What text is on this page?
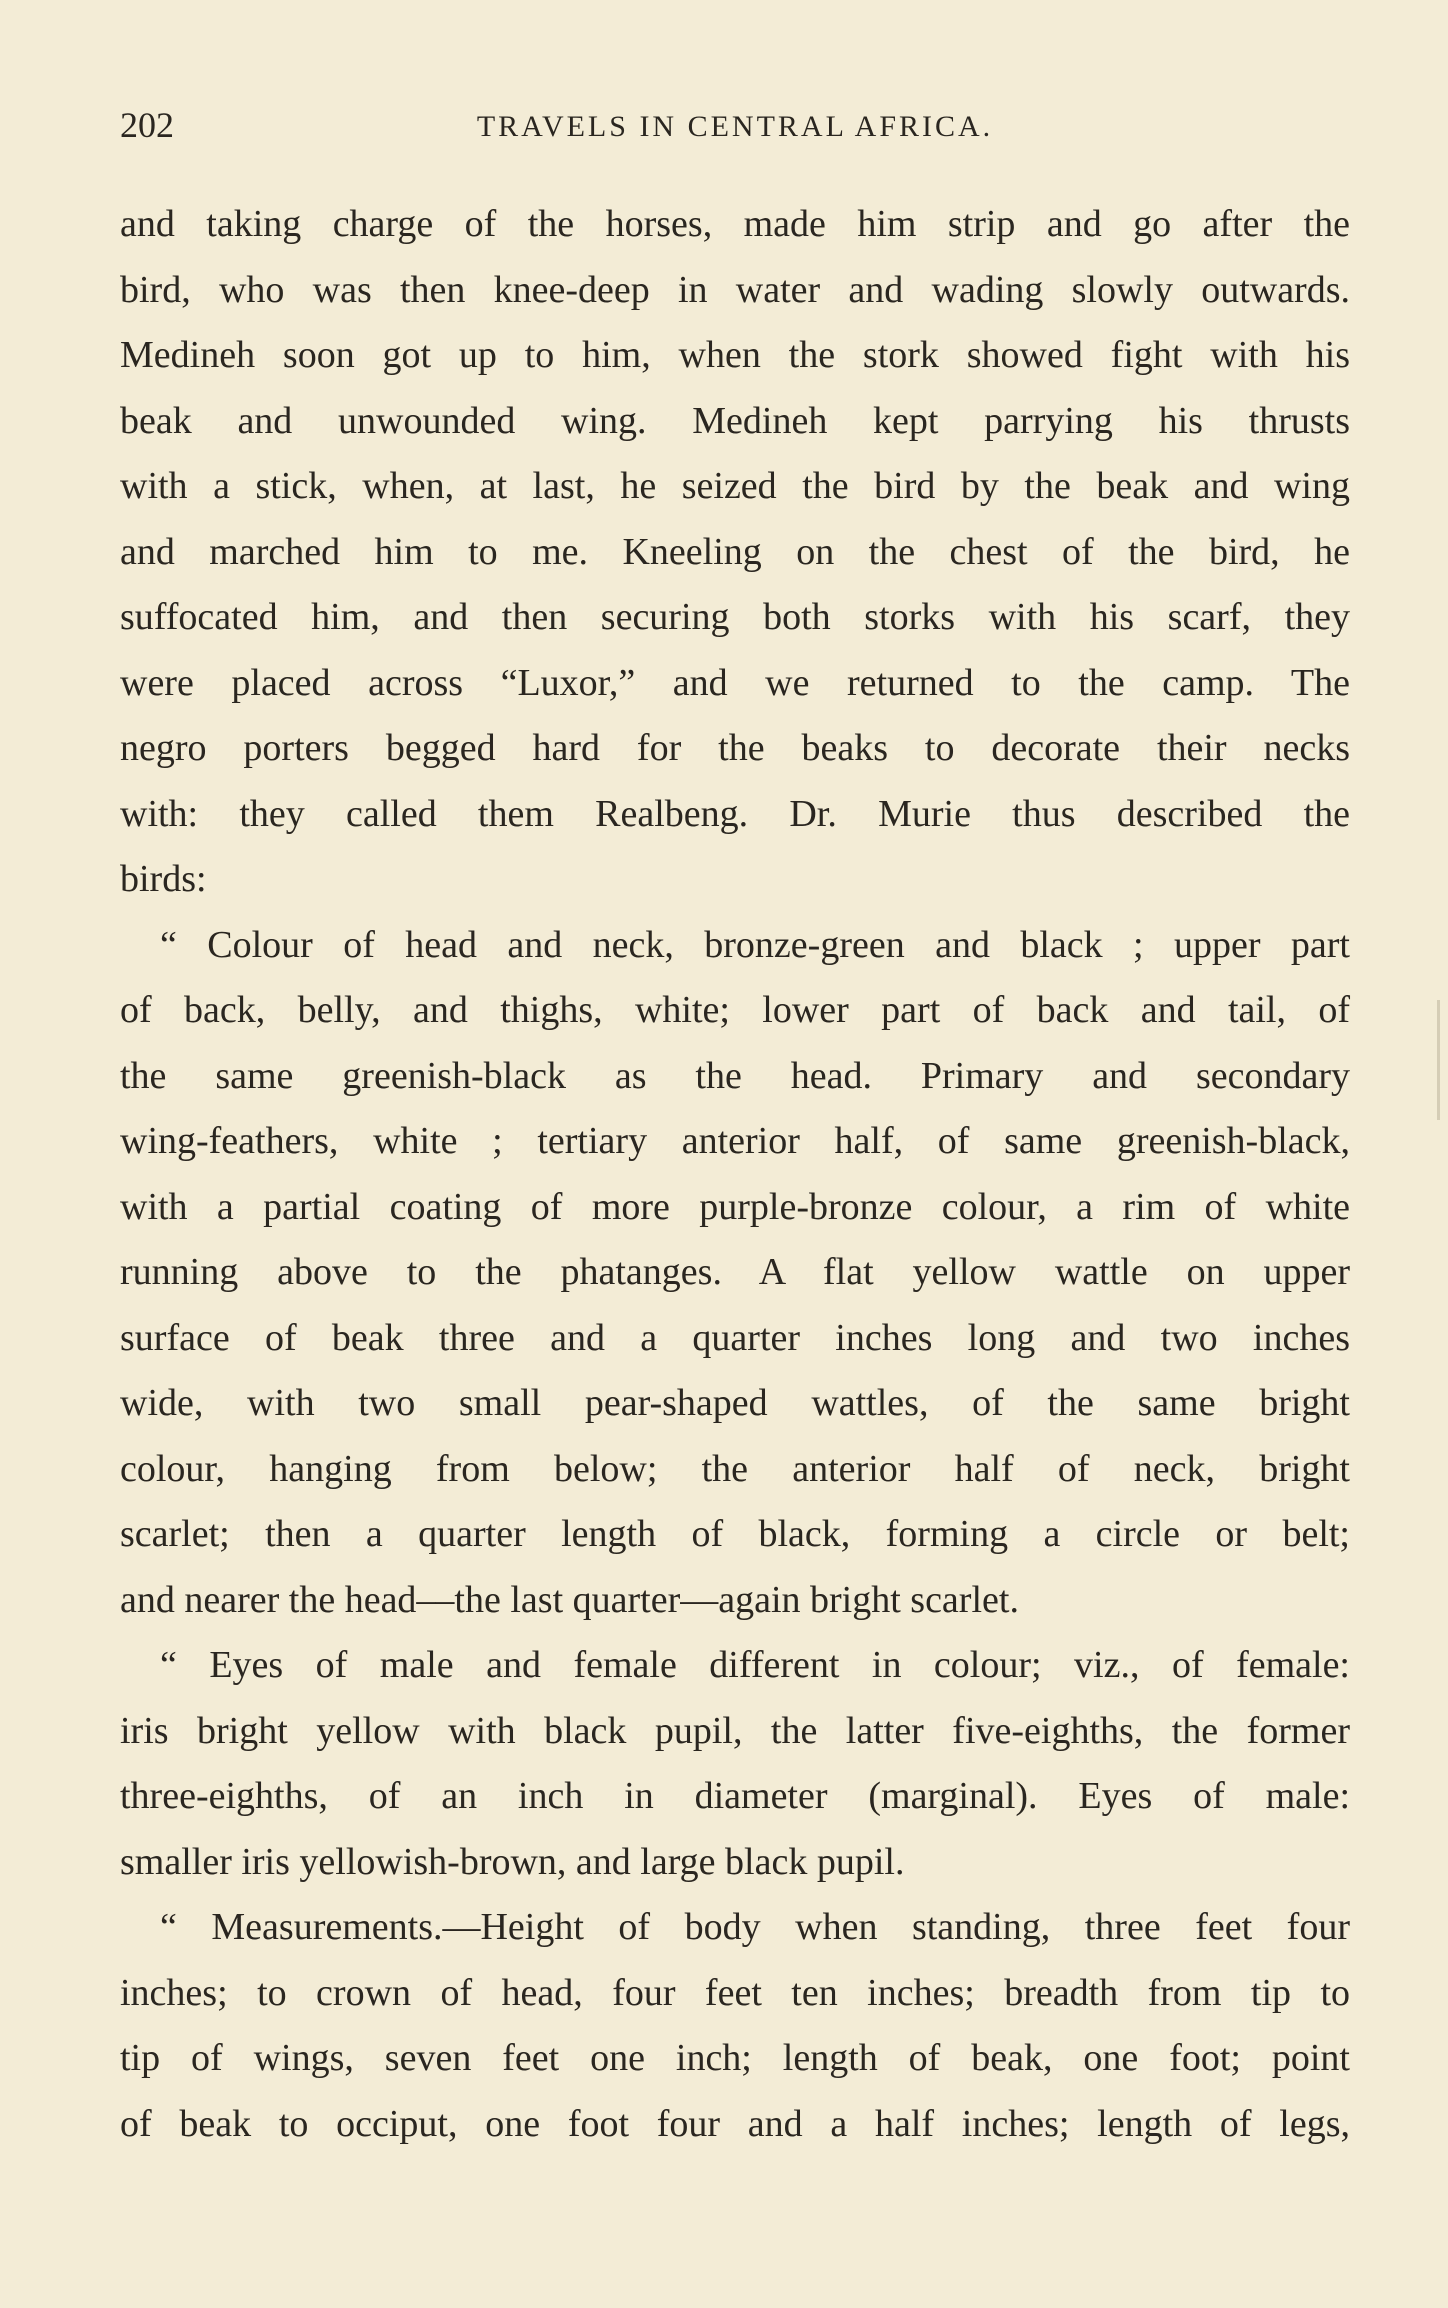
202	TRAVELS IN CENTRAL AFRICA.
and taking charge of the horses, made him strip and go after the
bird, who was then knee-deep in water and wading slowly outwards.
Medineh soon got up to him, when the stork showed fight with his
beak and unwounded wing. Medineh kept parrying his thrusts
with a stick, when, at last, he seized the bird by the beak and wing
and marched him to me. Kneeling on the chest of the bird, he
suffocated him, and then securing both storks with his scarf, they
were placed across “Luxor,” and we returned to the camp. The
negro porters begged hard for the beaks to decorate their necks
with: they called them Realbeng. Dr. Murie thus described the
birds:
“ Colour of head and neck, bronze-green and black ; upper part
of back, belly, and thighs, white; lower part of back and tail, of
the same greenish-black as the head. Primary and secondary
wing-feathers, white ; tertiary anterior half, of same greenish-black,
with a partial coating of more purple-bronze colour, a rim of white
running above to the phatanges. A flat yellow wattle on upper
surface of beak three and a quarter inches long and two inches
wide, with two small pear-shaped wattles, of the same bright
colour, hanging from below; the anterior half of neck, bright
scarlet; then a quarter length of black, forming a circle or belt;
and nearer the head––the last quarter—again bright scarlet.
“ Eyes of male and female different in colour; viz., of female:
iris bright yellow with black pupil, the latter five-eighths, the former
three-eighths, of an inch in diameter (marginal). Eyes of male:
smaller iris yellowish-brown, and large black pupil.
“ Measurements.—Height of body when standing, three feet four
inches; to crown of head, four feet ten inches; breadth from tip to
tip of wings, seven feet one inch; length of beak, one foot; point
of beak to occiput, one foot four and a half inches; length of legs,
